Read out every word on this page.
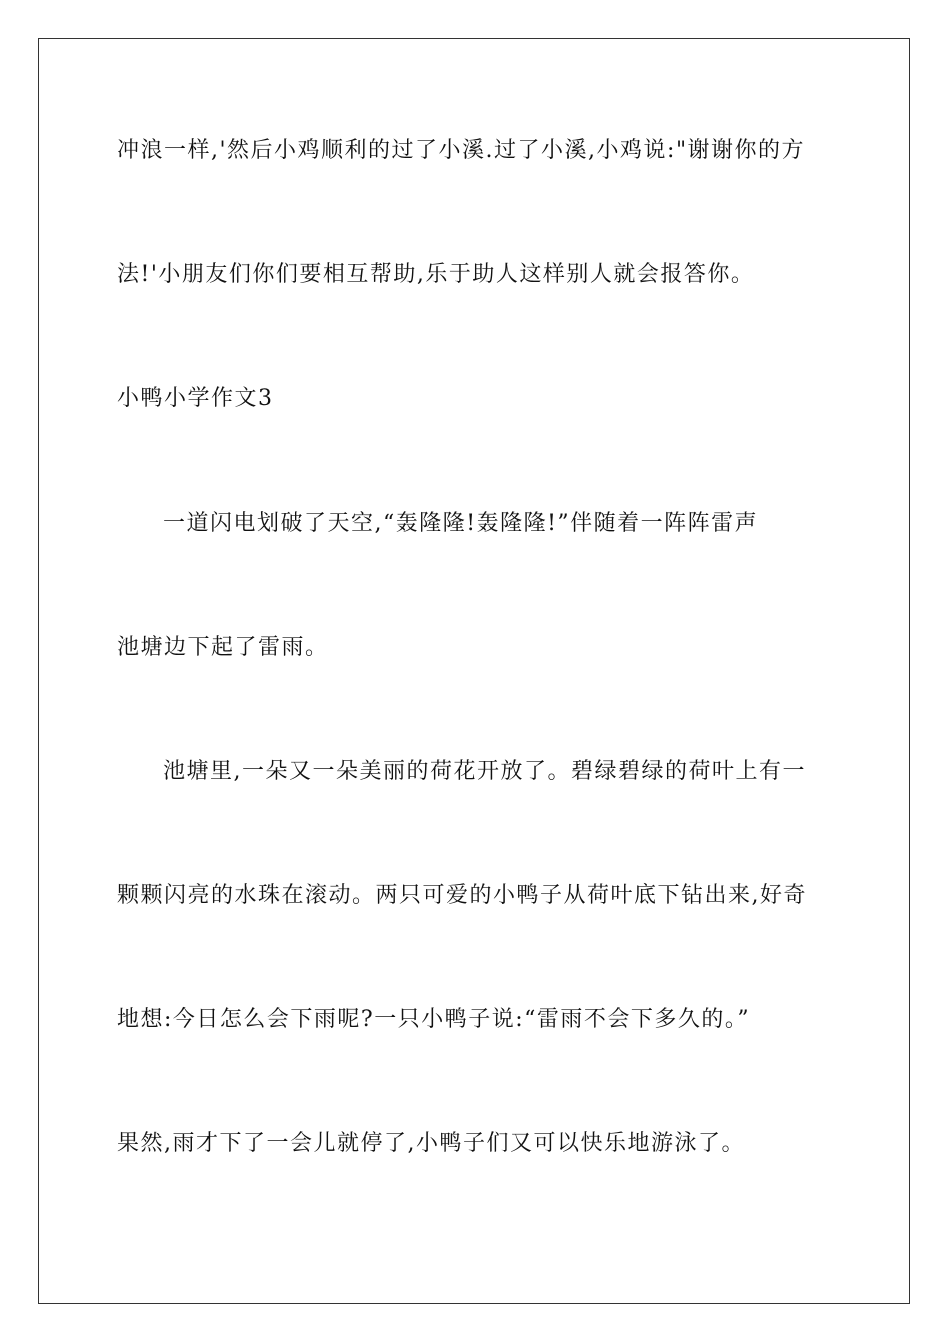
冲浪一样,'然后小鸡顺利的过了小溪.过了小溪,小鸡说:"谢谢你的方
法!'小朋友们你们要相互帮助,乐于助人这样别人就会报答你。
小鸭小学作文3
一道闪电划破了天空,“轰隆隆!轰隆隆!”伴随着一阵阵雷声
池塘边下起了雷雨。
池塘里,一朵又一朵美丽的荷花开放了。碧绿碧绿的荷叶上有一
颗颗闪亮的水珠在滚动。两只可爱的小鸭子从荷叶底下钻出来,好奇
地想:今日怎么会下雨呢?一只小鸭子说:“雷雨不会下多久的。”
果然,雨才下了一会儿就停了,小鸭子们又可以快乐地游泳了。
